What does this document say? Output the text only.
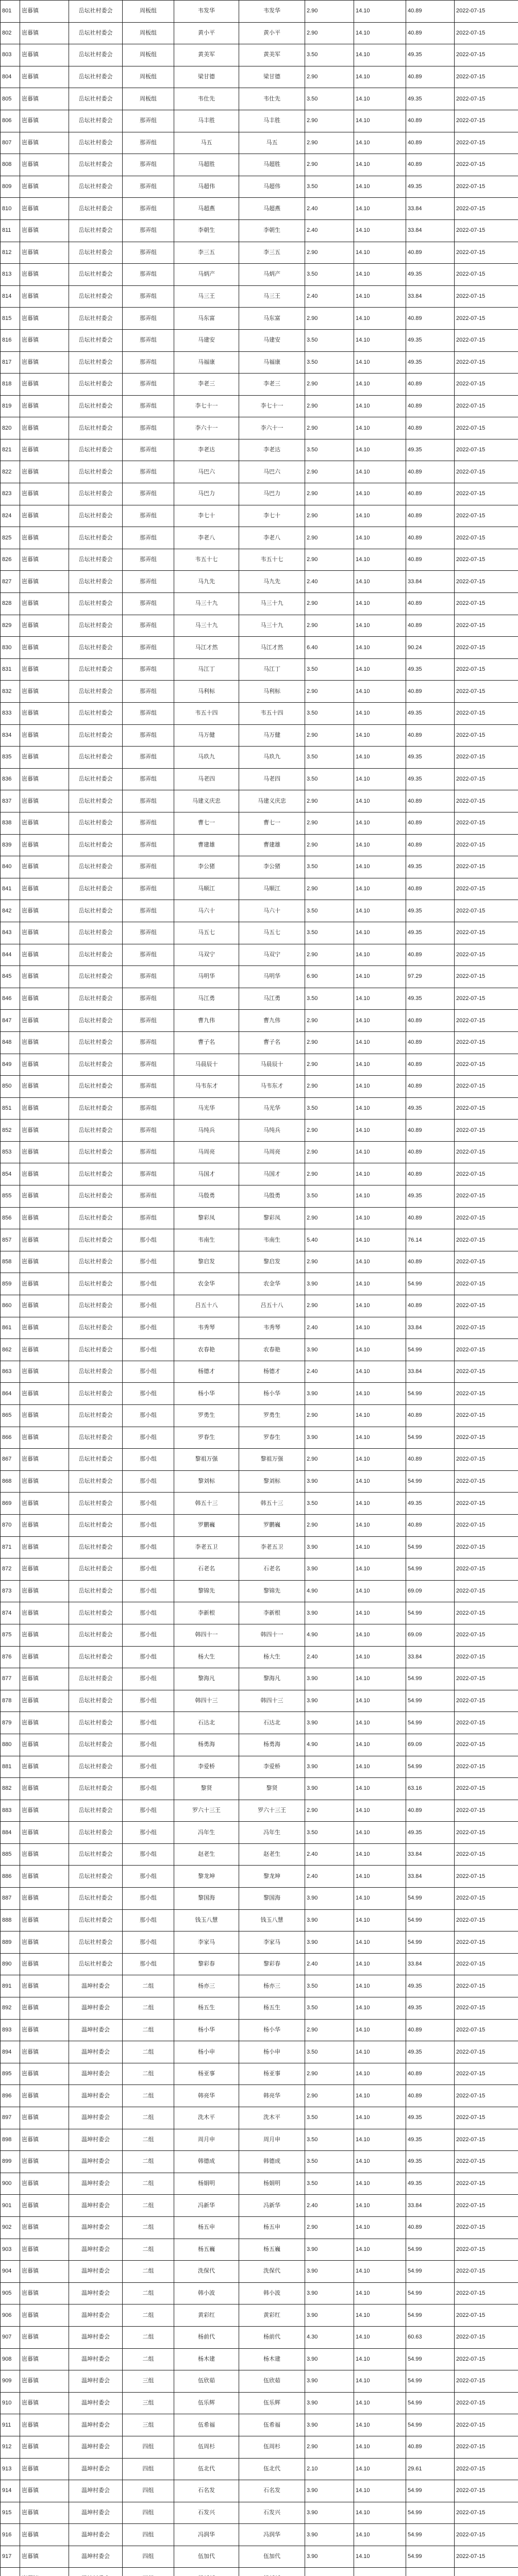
801	岜暮镇	岳坛社村委会	周板组	韦发华	韦发华	2.90	14.10	40.89	2022-07-15
802	岜暮镇	岳坛社村委会	周板组	黄小平	黄小平	2.90	14.10	40.89	2022-07-15
803	岜暮镇	岳坛社村委会	周板组	黄美军	黄美军	3.50	14.10	49.35	2022-07-15
804	岜暮镇	岳坛社村委会	周板组	梁甘德	梁甘德	2.90	14.10	40.89	2022-07-15
805	岜暮镇	岳坛社村委会	周板组	韦仕先	韦仕先	3.50	14.10	49.35	2022-07-15
806	岜暮镇	岳坛社村委会	那弄组	马丰胜	马丰胜	2.90	14.10	40.89	2022-07-15
807	岜暮镇	岳坛社村委会	那弄组	马五	马五	2.90	14.10	40.89	2022-07-15
808	岜暮镇	岳坛社村委会	那弄组	马超胜	马超胜	2.90	14.10	40.89	2022-07-15
809	岜暮镇	岳坛社村委会	那弄组	马超伟	马超伟	3.50	14.10	49.35	2022-07-15
810	岜暮镇	岳坛社村委会	那弄组	马超燕	马超燕	2.40	14.10	33.84	2022-07-15
811	岜暮镇	岳坛社村委会	那弄组	李朝生	李朝生	2.40	14.10	33.84	2022-07-15
812	岜暮镇	岳坛社村委会	那弄组	李三五	李三五	2.90	14.10	40.89	2022-07-15
813	岜暮镇	岳坛社村委会	那弄组	马炳产	马炳产	3.50	14.10	49.35	2022-07-15
814	岜暮镇	岳坛社村委会	那弄组	马三王	马三王	2.40	14.10	33.84	2022-07-15
815	岜暮镇	岳坛社村委会	那弄组	马东富	马东富	2.90	14.10	40.89	2022-07-15
816	岜暮镇	岳坛社村委会	那弄组	马建安	马建安	3.50	14.10	49.35	2022-07-15
817	岜暮镇	岳坛社村委会	那弄组	马福康	马福康	3.50	14.10	49.35	2022-07-15
818	岜暮镇	岳坛社村委会	那弄组	李老三	李老三	2.90	14.10	40.89	2022-07-15
819	岜暮镇	岳坛社村委会	那弄组	李七十一	李七十一	2.90	14.10	40.89	2022-07-15
820	岜暮镇	岳坛社村委会	那弄组	李六十一	李六十一	2.90	14.10	40.89	2022-07-15
821	岜暮镇	岳坛社村委会	那弄组	李老达	李老达	3.50	14.10	49.35	2022-07-15
822	岜暮镇	岳坛社村委会	那弄组	马巴六	马巴六	2.90	14.10	40.89	2022-07-15
823	岜暮镇	岳坛社村委会	那弄组	马巴力	马巴力	2.90	14.10	40.89	2022-07-15
824	岜暮镇	岳坛社村委会	那弄组	李七十	李七十	2.90	14.10	40.89	2022-07-15
825	岜暮镇	岳坛社村委会	那弄组	李老八	李老八	2.90	14.10	40.89	2022-07-15
826	岜暮镇	岳坛社村委会	那弄组	韦五十七	韦五十七	2.90	14.10	40.89	2022-07-15
827	岜暮镇	岳坛社村委会	那弄组	马九先	马九先	2.40	14.10	33.84	2022-07-15
828	岜暮镇	岳坛社村委会	那弄组	马三十九	马三十九	2.90	14.10	40.89	2022-07-15
829	岜暮镇	岳坛社村委会	那弄组	马三十九	马三十九	2.90	14.10	40.89	2022-07-15
830	岜暮镇	岳坛社村委会	那弄组	马江才然	马江才然	6.40	14.10	90.24	2022-07-15
831	岜暮镇	岳坛社村委会	那弄组	马江丁	马江丁	3.50	14.10	49.35	2022-07-15
832	岜暮镇	岳坛社村委会	那弄组	马利标	马利标	2.90	14.10	40.89	2022-07-15
833	岜暮镇	岳坛社村委会	那弄组	韦五十四	韦五十四	3.50	14.10	49.35	2022-07-15
834	岜暮镇	岳坛社村委会	那弄组	马万健	马万健	2.90	14.10	40.89	2022-07-15
835	岜暮镇	岳坛社村委会	那弄组	马玖九	马玖九	3.50	14.10	49.35	2022-07-15
836	岜暮镇	岳坛社村委会	那弄组	马老四	马老四	3.50	14.10	49.35	2022-07-15
837	岜暮镇	岳坛社村委会	那弄组	马建义庆忠	马建义庆忠	2.90	14.10	40.89	2022-07-15
838	岜暮镇	岳坛社村委会	那弄组	曹七一	曹七一	2.90	14.10	40.89	2022-07-15
839	岜暮镇	岳坛社村委会	那弄组	曹建雄	曹建雄	2.90	14.10	40.89	2022-07-15
840	岜暮镇	岳坛社村委会	那弄组	李公猪	李公猪	3.50	14.10	49.35	2022-07-15
841	岜暮镇	岳坛社村委会	那弄组	马顺江	马顺江	2.90	14.10	40.89	2022-07-15
842	岜暮镇	岳坛社村委会	那弄组	马六十	马六十	3.50	14.10	49.35	2022-07-15
843	岜暮镇	岳坛社村委会	那弄组	马五七	马五七	3.50	14.10	49.35	2022-07-15
844	岜暮镇	岳坛社村委会	那弄组	马双宁	马双宁	2.90	14.10	40.89	2022-07-15
845	岜暮镇	岳坛社村委会	那弄组	马明华	马明华	6.90	14.10	97.29	2022-07-15
846	岜暮镇	岳坛社村委会	那弄组	马江勇	马江勇	3.50	14.10	49.35	2022-07-15
847	岜暮镇	岳坛社村委会	那弄组	曹九伟	曹九伟	2.90	14.10	40.89	2022-07-15
848	岜暮镇	岳坛社村委会	那弄组	曹子名	曹子名	2.90	14.10	40.89	2022-07-15
849	岜暮镇	岳坛社村委会	那弄组	马晨辰十	马晨辰十	2.90	14.10	40.89	2022-07-15
850	岜暮镇	岳坛社村委会	那弄组	马韦东才	马韦东才	2.90	14.10	40.89	2022-07-15
851	岜暮镇	岳坛社村委会	那弄组	马光华	马光华	3.50	14.10	49.35	2022-07-15
852	岜暮镇	岳坛社村委会	那弄组	马纯兵	马纯兵	2.90	14.10	40.89	2022-07-15
853	岜暮镇	岳坛社村委会	那弄组	马周亮	马周亮	2.90	14.10	40.89	2022-07-15
854	岜暮镇	岳坛社村委会	那弄组	马国才	马国才	2.90	14.10	40.89	2022-07-15
855	岜暮镇	岳坛社村委会	那弄组	马殷勇	马殷勇	3.50	14.10	49.35	2022-07-15
856	岜暮镇	岳坛社村委会	那弄组	黎彩凤	黎彩凤	2.90	14.10	40.89	2022-07-15
857	岜暮镇	岳坛社村委会	那小组	韦南生	韦南生	5.40	14.10	76.14	2022-07-15
858	岜暮镇	岳坛社村委会	那小组	黎启发	黎启发	2.90	14.10	40.89	2022-07-15
859	岜暮镇	岳坛社村委会	那小组	农金华	农金华	3.90	14.10	54.99	2022-07-15
860	岜暮镇	岳坛社村委会	那小组	吕五十八	吕五十八	2.90	14.10	40.89	2022-07-15
861	岜暮镇	岳坛社村委会	那小组	韦秀琴	韦秀琴	2.40	14.10	33.84	2022-07-15
862	岜暮镇	岳坛社村委会	那小组	农春艳	农春艳	3.90	14.10	54.99	2022-07-15
863	岜暮镇	岳坛社村委会	那小组	杨德才	杨德才	2.40	14.10	33.84	2022-07-15
864	岜暮镇	岳坛社村委会	那小组	杨小华	杨小华	3.90	14.10	54.99	2022-07-15
865	岜暮镇	岳坛社村委会	那小组	罗勇生	罗勇生	2.90	14.10	40.89	2022-07-15
866	岜暮镇	岳坛社村委会	那小组	罗春生	罗春生	3.90	14.10	54.99	2022-07-15
867	岜暮镇	岳坛社村委会	那小组	黎祖万强	黎祖万强	2.90	14.10	40.89	2022-07-15
868	岜暮镇	岳坛社村委会	那小组	黎刘标	黎刘标	3.90	14.10	54.99	2022-07-15
869	岜暮镇	岳坛社村委会	那小组	韩五十三	韩五十三	3.50	14.10	49.35	2022-07-15
870	岜暮镇	岳坛社村委会	那小组	罗鹏巍	罗鹏巍	2.90	14.10	40.89	2022-07-15
871	岜暮镇	岳坛社村委会	那小组	李老五卫	李老五卫	3.90	14.10	54.99	2022-07-15
872	岜暮镇	岳坛社村委会	那小组	石老名	石老名	3.90	14.10	54.99	2022-07-15
873	岜暮镇	岳坛社村委会	那小组	黎锦先	黎锦先	4.90	14.10	69.09	2022-07-15
874	岜暮镇	岳坛社村委会	那小组	李新根	李新根	3.90	14.10	54.99	2022-07-15
875	岜暮镇	岳坛社村委会	那小组	韩四十一	韩四十一	4.90	14.10	69.09	2022-07-15
876	岜暮镇	岳坛社村委会	那小组	杨大生	杨大生	2.40	14.10	33.84	2022-07-15
877	岜暮镇	岳坛社村委会	那小组	黎海凡	黎海凡	3.90	14.10	54.99	2022-07-15
878	岜暮镇	岳坛社村委会	那小组	韩四十三	韩四十三	3.90	14.10	54.99	2022-07-15
879	岜暮镇	岳坛社村委会	那小组	石达北	石达北	3.90	14.10	54.99	2022-07-15
880	岜暮镇	岳坛社村委会	那小组	杨勇海	杨勇海	4.90	14.10	69.09	2022-07-15
881	岜暮镇	岳坛社村委会	那小组	李爱桥	李爱桥	3.90	14.10	54.99	2022-07-15
882	岜暮镇	岳坛社村委会	那小组	黎贤	黎贤	3.90	14.10	63.16	2022-07-15
883	岜暮镇	岳坛社村委会	那小组	罗六十三王	罗六十三王	2.90	14.10	40.89	2022-07-15
884	岜暮镇	岳坛社村委会	那小组	冯年生	冯年生	3.50	14.10	49.35	2022-07-15
885	岜暮镇	岳坛社村委会	那小组	赵老生	赵老生	2.40	14.10	33.84	2022-07-15
886	岜暮镇	岳坛社村委会	那小组	黎龙坤	黎龙坤	2.40	14.10	33.84	2022-07-15
887	岜暮镇	岳坛社村委会	那小组	黎国海	黎国海	3.90	14.10	54.99	2022-07-15
888	岜暮镇	岳坛社村委会	那小组	钱玉八慧	钱玉八慧	3.90	14.10	54.99	2022-07-15
889	岜暮镇	岳坛社村委会	那小组	李家马	李家马	3.90	14.10	54.99	2022-07-15
890	岜暮镇	岳坛社村委会	那小组	黎彩春	黎彩春	2.40	14.10	33.84	2022-07-15
891	岜暮镇	温坤村委会	二组	杨亦三	杨亦三	3.50	14.10	49.35	2022-07-15
892	岜暮镇	温坤村委会	二组	杨五生	杨五生	3.50	14.10	49.35	2022-07-15
893	岜暮镇	温坤村委会	二组	杨小华	杨小华	2.90	14.10	40.89	2022-07-15
894	岜暮镇	温坤村委会	二组	杨小申	杨小申	3.50	14.10	49.35	2022-07-15
895	岜暮镇	温坤村委会	二组	杨亚事	杨亚事	2.90	14.10	40.89	2022-07-15
896	岜暮镇	温坤村委会	二组	韩亮华	韩亮华	2.90	14.10	40.89	2022-07-15
897	岜暮镇	温坤村委会	二组	洗木平	洗木平	3.50	14.10	49.35	2022-07-15
898	岜暮镇	温坤村委会	二组	周月申	周月申	3.50	14.10	49.35	2022-07-15
899	岜暮镇	温坤村委会	二组	韩德成	韩德成	3.50	14.10	49.35	2022-07-15
900	岜暮镇	温坤村委会	二组	杨娟明	杨娟明	3.50	14.10	49.35	2022-07-15
901	岜暮镇	温坤村委会	二组	冯新华	冯新华	2.40	14.10	33.84	2022-07-15
902	岜暮镇	温坤村委会	二组	杨五申	杨五申	2.90	14.10	40.89	2022-07-15
903	岜暮镇	温坤村委会	二组	杨五巍	杨五巍	3.90	14.10	54.99	2022-07-15
904	岜暮镇	温坤村委会	二组	洗保代	洗保代	3.90	14.10	54.99	2022-07-15
905	岜暮镇	温坤村委会	二组	韩小波	韩小波	3.90	14.10	54.99	2022-07-15
906	岜暮镇	温坤村委会	二组	黄彩红	黄彩红	3.90	14.10	54.99	2022-07-15
907	岜暮镇	温坤村委会	二组	杨前代	杨前代	4.30	14.10	60.63	2022-07-15
908	岜暮镇	温坤村委会	二组	杨木建	杨木建	3.90	14.10	54.99	2022-07-15
909	岜暮镇	温坤村委会	三组	伍欣茹	伍欣茹	3.90	14.10	54.99	2022-07-15
910	岜暮镇	温坤村委会	三组	伍乐辉	伍乐辉	3.90	14.10	54.99	2022-07-15
911	岜暮镇	温坤村委会	三组	伍希福	伍希福	3.90	14.10	54.99	2022-07-15
912	岜暮镇	温坤村委会	四组	伍周杉	伍周杉	2.90	14.10	40.89	2022-07-15
913	岜暮镇	温坤村委会	四组	伍北代	伍北代	2.10	14.10	29.61	2022-07-15
914	岜暮镇	温坤村委会	四组	石名发	石名发	3.90	14.10	54.99	2022-07-15
915	岜暮镇	温坤村委会	四组	石发兴	石发兴	3.90	14.10	54.99	2022-07-15
916	岜暮镇	温坤村委会	四组	冯润华	冯润华	3.90	14.10	54.99	2022-07-15
917	岜暮镇	温坤村委会	四组	伍加代	伍加代	3.90	14.10	54.99	2022-07-15
